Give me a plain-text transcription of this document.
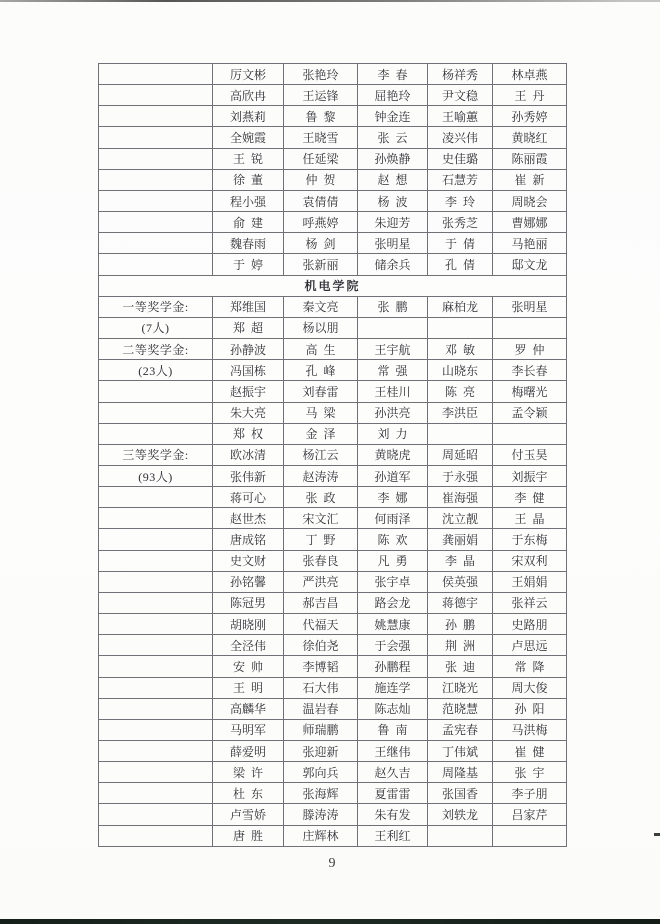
	厉文彬	张艳玲	李  春	杨祥秀	林卓燕
	高欣冉	王运锋	屈艳玲	尹文稳	王  丹
	刘燕莉	鲁  黎	钟金连	王喻蕙	孙秀婷
	全婉霞	王晓雪	张  云	凌兴伟	黄晓红
	王  锐	任延梁	孙焕静	史佳璐	陈丽霞
	徐  董	仲  贺	赵  想	石慧芳	崔  新
	程小强	袁倩倩	杨  波	李  玲	周晓会
	俞  建	呼燕婷	朱迎芳	张秀芝	曹娜娜
	魏春雨	杨  剑	张明星	于  倩	马艳丽
	于  婷	张新丽	储余兵	孔  倩	邸文龙
机电学院					
一等奖学金:	郑维国	秦文亮	张  鹏	麻柏龙	张明星
(7人)	郑  超	杨以朋			
二等奖学金:	孙静波	高  生	王宇航	邓  敏	罗  仲
(23人)	冯国栋	孔  峰	常  强	山晓东	李长春
	赵振宇	刘春雷	王桂川	陈  亮	梅曙光
	朱大亮	马  梁	孙洪亮	李洪臣	孟令颖
	郑  权	金  泽	刘  力		
三等奖学金:	欧冰清	杨江云	黄晓虎	周延昭	付玉昊
(93人)	张伟新	赵涛涛	孙道军	于永强	刘振宇
	蒋可心	张  政	李  娜	崔海强	李  健
	赵世杰	宋文汇	何雨泽	沈立靓	王  晶
	唐成铭	丁  野	陈  欢	龚丽娟	于东梅
	史文财	张春良	凡  勇	李  晶	宋双利
	孙铭馨	严洪亮	张宇卓	侯英强	王娟娟
	陈冠男	郝吉昌	路会龙	蒋德宇	张祥云
	胡晓刚	代福天	姚慧康	孙  鹏	史路朋
	全泾伟	徐伯尧	于会强	荆  洲	卢思远
	安  帅	李博韬	孙鹏程	张  迪	常  降
	王  明	石大伟	施连学	江晓光	周大俊
	高麟华	温岩春	陈志灿	范晓慧	孙  阳
	马明军	师瑞鹏	鲁  南	孟宪春	马洪梅
	薛爱明	张迎新	王继伟	丁伟斌	崔  健
	梁  许	郭向兵	赵久吉	周隆基	张  宇
	杜  东	张海辉	夏雷雷	张国香	李子朋
	卢雪娇	滕涛涛	朱有发	刘轶龙	吕家芹
	唐  胜	庄辉林	王利红		
9
